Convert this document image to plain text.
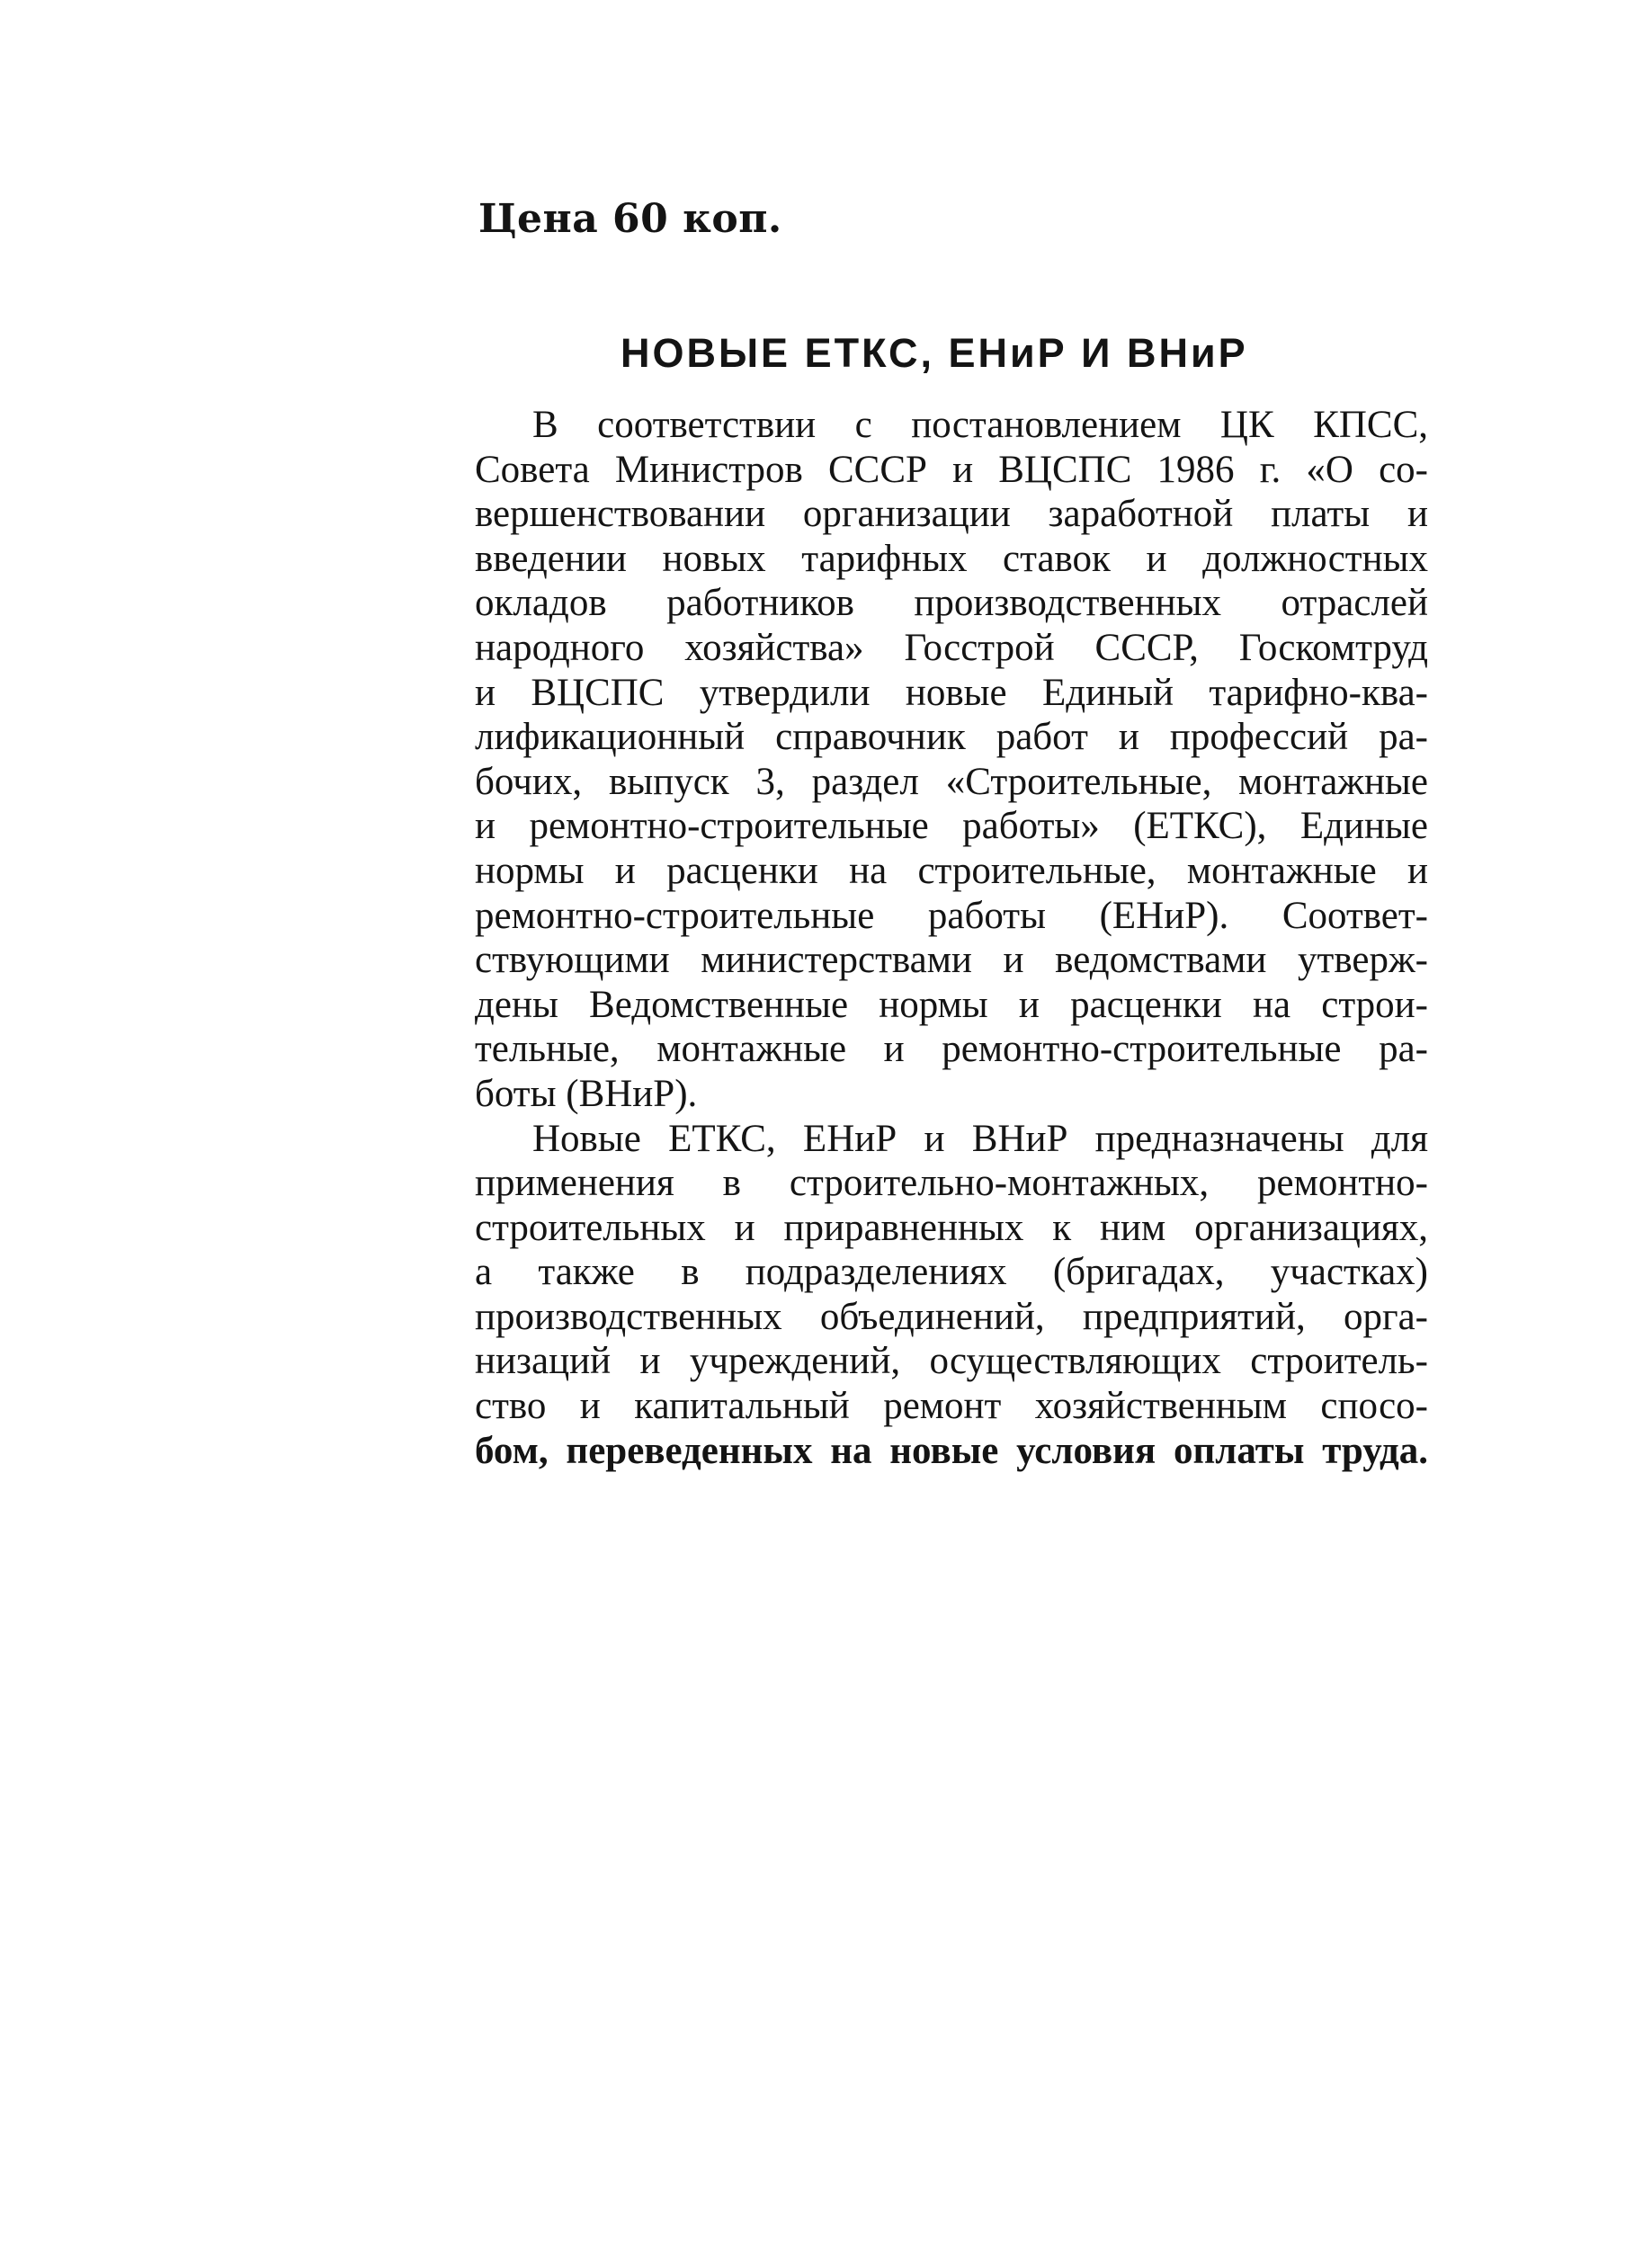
Цена 60 коп.
НОВЫЕ ЕТКС, ЕНиР И ВНиР
В соответствии с постановлением ЦК КПСС,
Совета Министров СССР и ВЦСПС 1986 г. «О со-
вершенствовании организации заработной платы и
введении новых тарифных ставок и должностных
окладов работников производственных отраслей
народного хозяйства» Госстрой СССР, Госкомтруд
и ВЦСПС утвердили новые Единый тарифно-ква-
лификационный справочник работ и профессий ра-
бочих, выпуск 3, раздел «Строительные, монтажные
и ремонтно-строительные работы» (ЕТКС), Единые
нормы и расценки на строительные, монтажные и
ремонтно-строительные работы (ЕНиР). Соответ-
ствующими министерствами и ведомствами утверж-
дены Ведомственные нормы и расценки на строи-
тельные, монтажные и ремонтно-строительные ра-
боты (ВНиР).
Новые ЕТКС, ЕНиР и ВНиР предназначены для
применения в строительно-монтажных, ремонтно-
строительных и приравненных к ним организациях,
а также в подразделениях (бригадах, участках)
производственных объединений, предприятий, орга-
низаций и учреждений, осуществляющих строитель-
ство и капитальный ремонт хозяйственным спосо-
бом, переведенных на новые условия оплаты труда.
